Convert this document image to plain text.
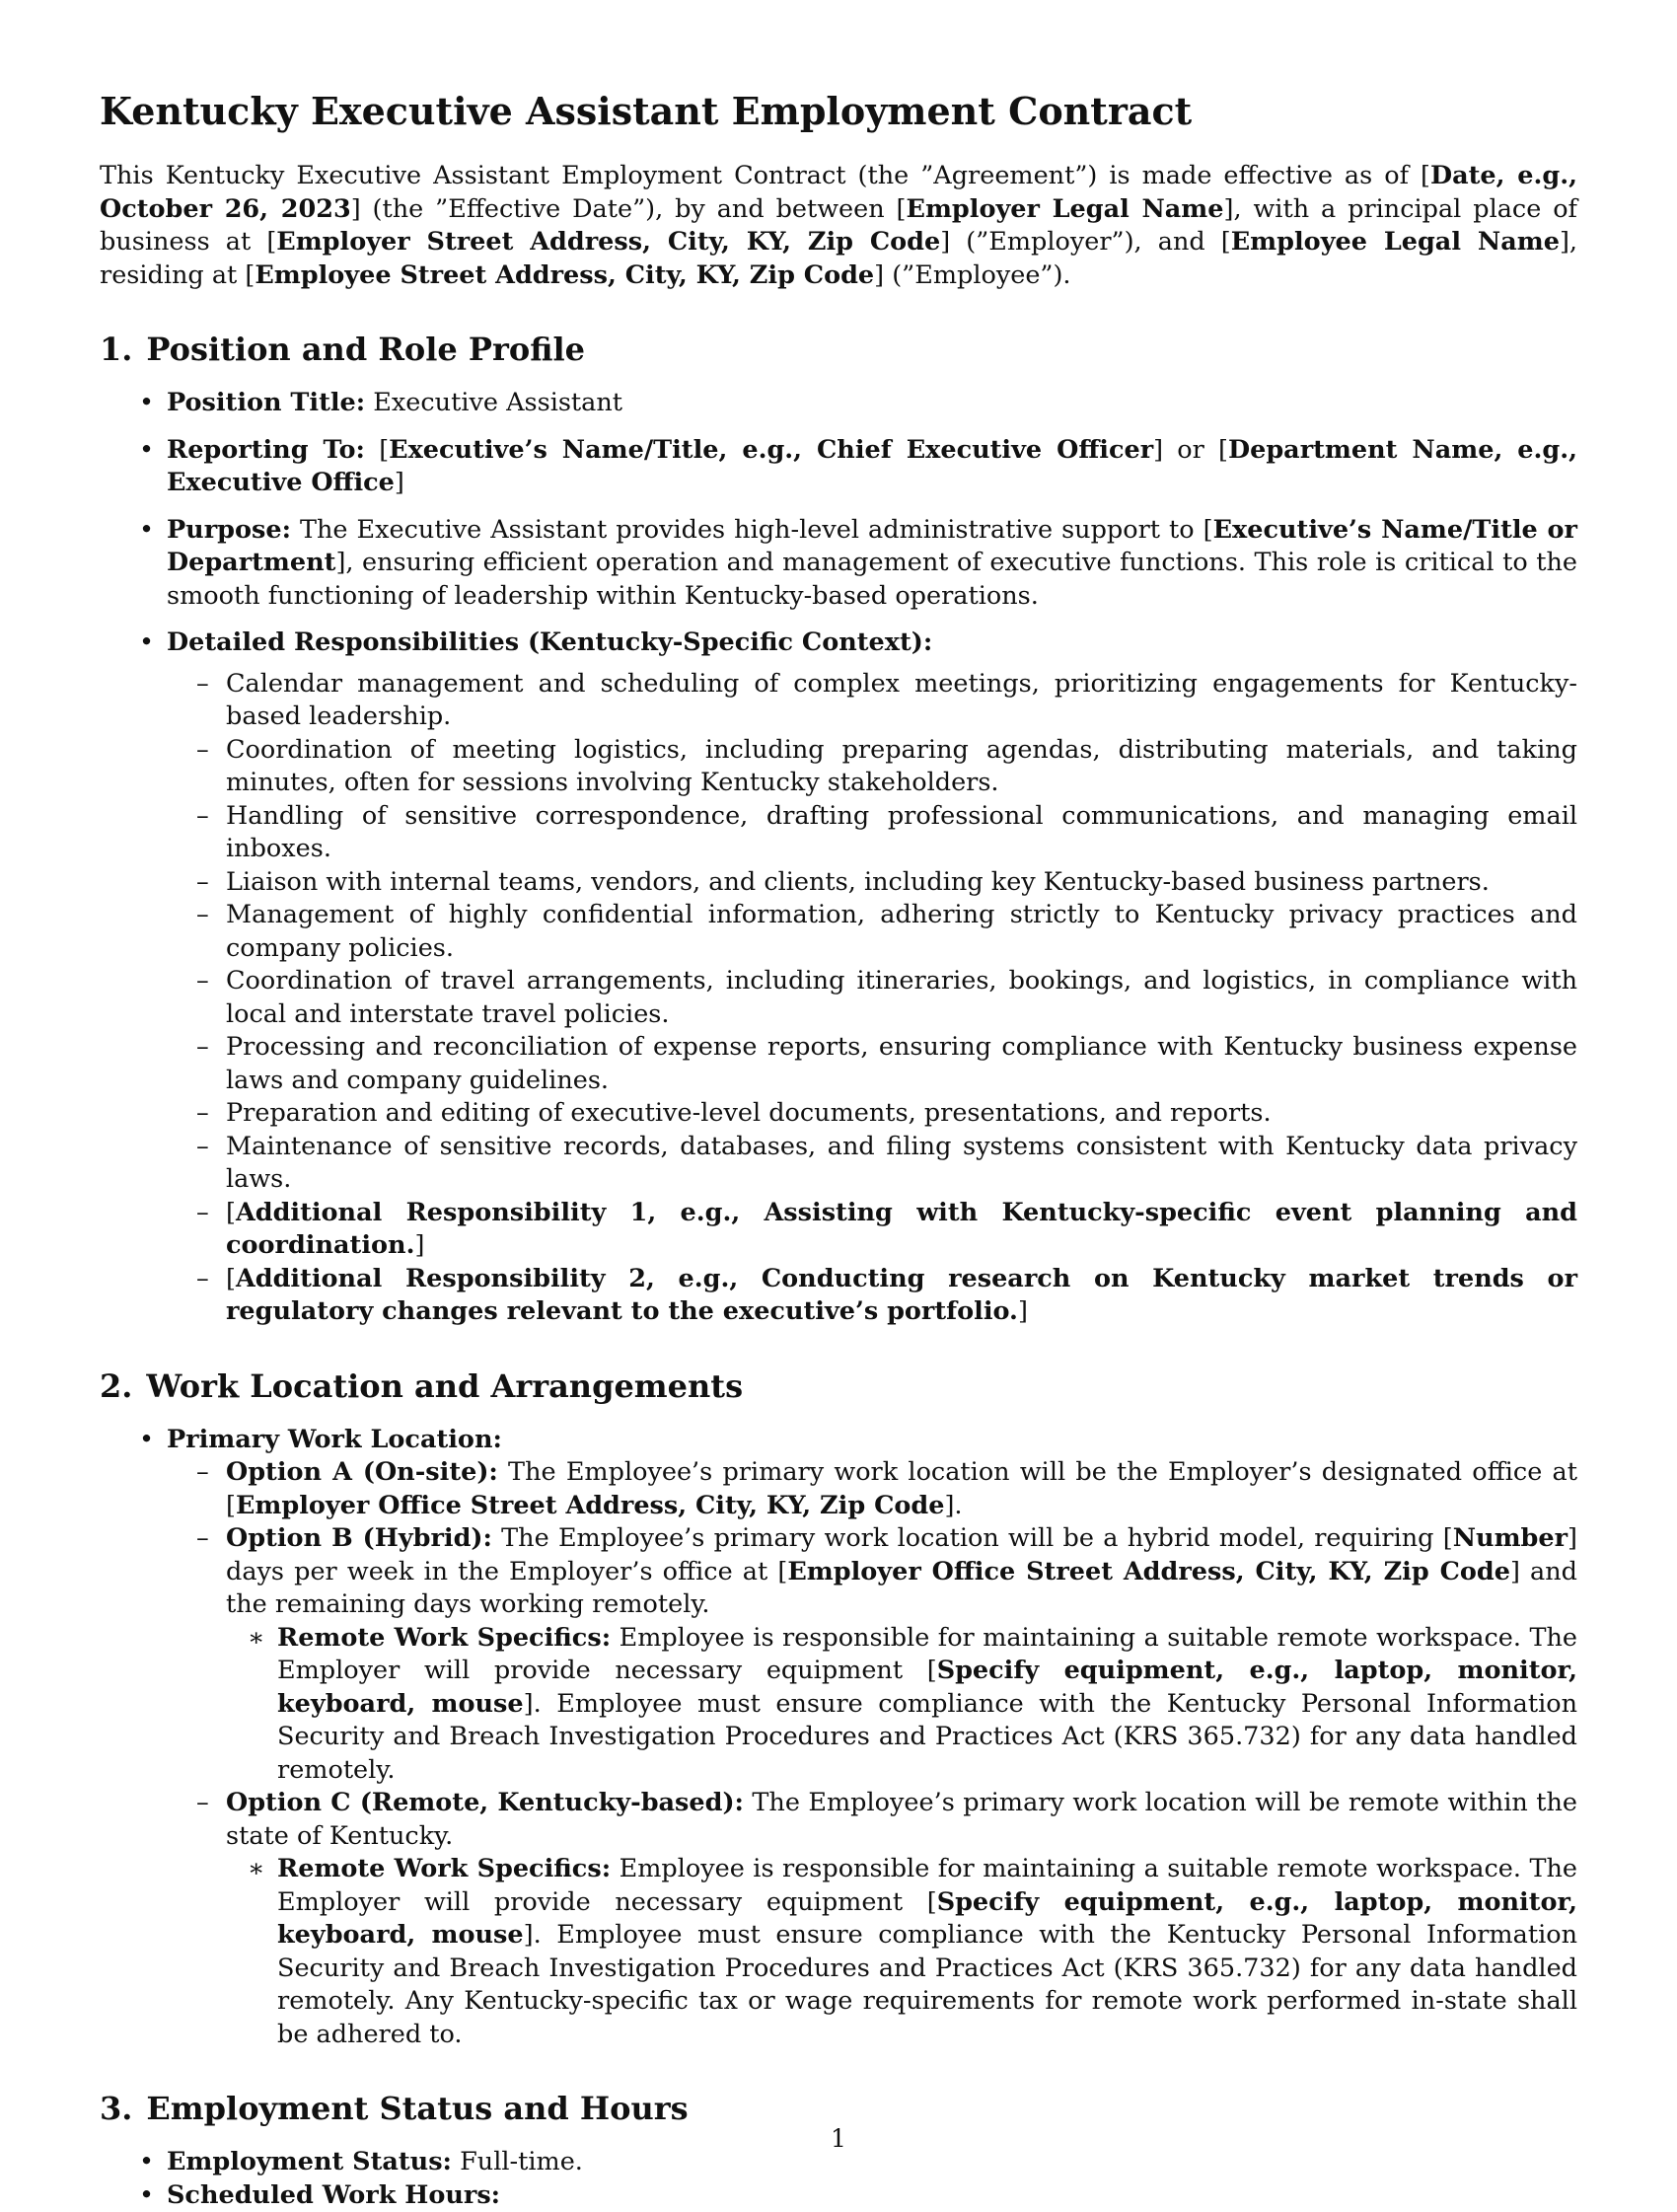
Kentucky Executive Assistant Employment Contract

This Kentucky Executive Assistant Employment Contract (the ”Agreement”) is made effective as of [Date, e.g., October 26, 2023] (the ”Effective Date”), by and between [Employer Legal Name], with a principal place of business at [Employer Street Address, City, KY, Zip Code] (”Employer”), and [Employee Legal Name], residing at [Employee Street Address, City, KY, Zip Code] (”Employee”).

1. Position and Role Profile
• Position Title: Executive Assistant
• Reporting To: [Executive’s Name/Title, e.g., Chief Executive Officer] or [Department Name, e.g., Executive Office]
• Purpose: The Executive Assistant provides high-level administrative support to [Executive’s Name/Title or Department], ensuring efficient operation and management of executive functions. This role is critical to the smooth functioning of leadership within Kentucky-based operations.
• Detailed Responsibilities (Kentucky-Specific Context):
– Calendar management and scheduling of complex meetings, prioritizing engagements for Kentucky-based leadership.
– Coordination of meeting logistics, including preparing agendas, distributing materials, and taking minutes, often for sessions involving Kentucky stakeholders.
– Handling of sensitive correspondence, drafting professional communications, and managing email inboxes.
– Liaison with internal teams, vendors, and clients, including key Kentucky-based business partners.
– Management of highly confidential information, adhering strictly to Kentucky privacy practices and company policies.
– Coordination of travel arrangements, including itineraries, bookings, and logistics, in compliance with local and interstate travel policies.
– Processing and reconciliation of expense reports, ensuring compliance with Kentucky business expense laws and company guidelines.
– Preparation and editing of executive-level documents, presentations, and reports.
– Maintenance of sensitive records, databases, and filing systems consistent with Kentucky data privacy laws.
– [Additional Responsibility 1, e.g., Assisting with Kentucky-specific event planning and coordination.]
– [Additional Responsibility 2, e.g., Conducting research on Kentucky market trends or regulatory changes relevant to the executive’s portfolio.]
2. Work Location and Arrangements
• Primary Work Location:
– Option A (On-site): The Employee’s primary work location will be the Employer’s designated office at [Employer Office Street Address, City, KY, Zip Code].
– Option B (Hybrid): The Employee’s primary work location will be a hybrid model, requiring [Number] days per week in the Employer’s office at [Employer Office Street Address, City, KY, Zip Code] and the remaining days working remotely.
∗ Remote Work Specifics: Employee is responsible for maintaining a suitable remote workspace. The Employer will provide necessary equipment [Specify equipment, e.g., laptop, monitor, keyboard, mouse]. Employee must ensure compliance with the Kentucky Personal Information Security and Breach Investigation Procedures and Practices Act (KRS 365.732) for any data handled remotely.
– Option C (Remote, Kentucky-based): The Employee’s primary work location will be remote within the state of Kentucky.
∗ Remote Work Specifics: Employee is responsible for maintaining a suitable remote workspace. The Employer will provide necessary equipment [Specify equipment, e.g., laptop, monitor, keyboard, mouse]. Employee must ensure compliance with the Kentucky Personal Information Security and Breach Investigation Procedures and Practices Act (KRS 365.732) for any data handled remotely. Any Kentucky-specific tax or wage requirements for remote work performed in-state shall be adhered to.
3. Employment Status and Hours
• Employment Status: Full-time.
• Scheduled Work Hours:
1
